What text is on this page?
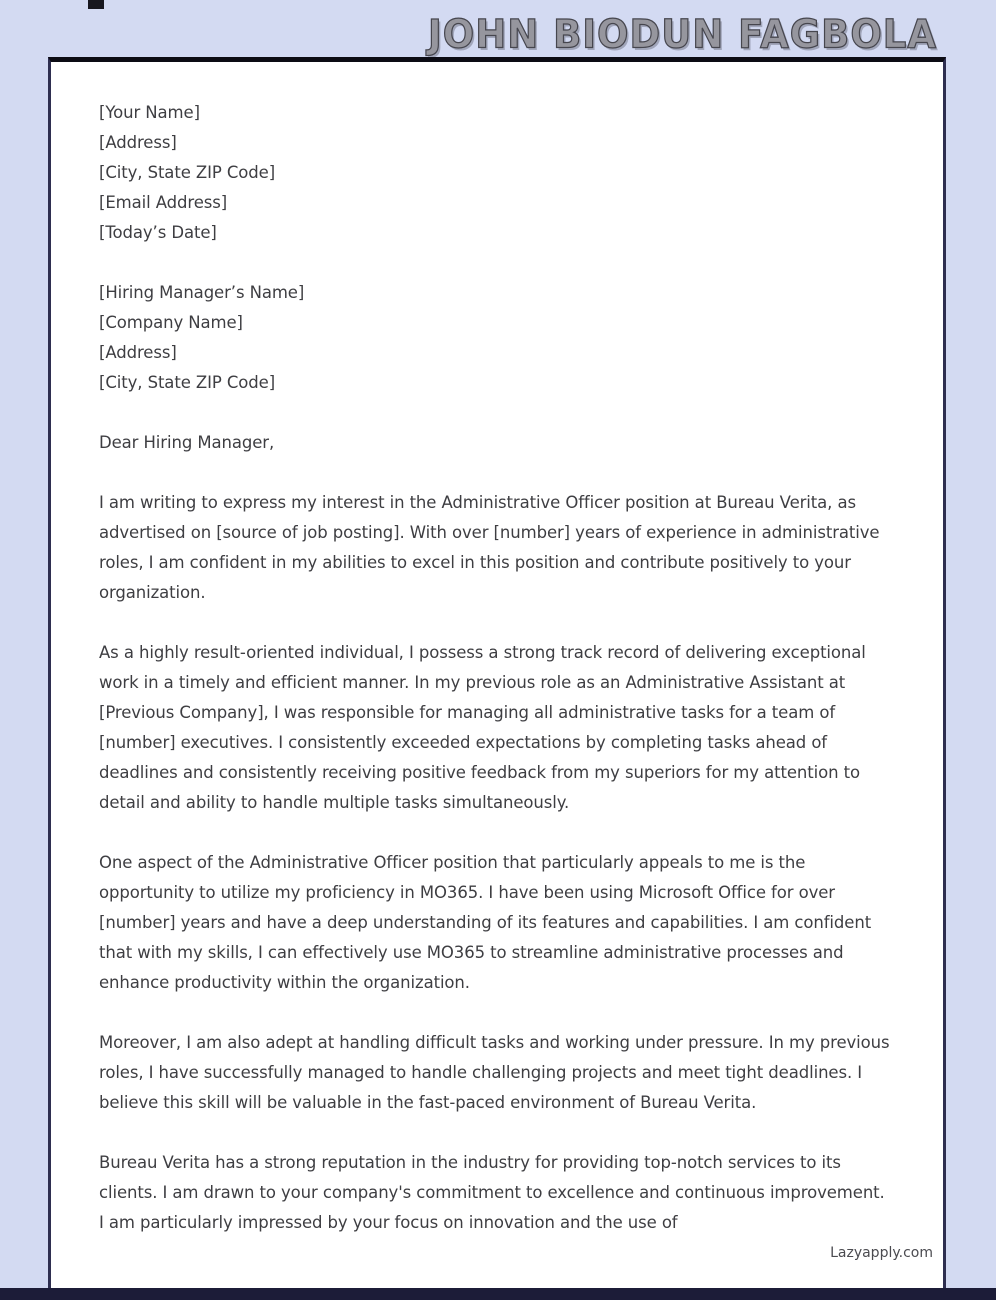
JOHN BIODUN FAGBOLA
[Your Name]
[Address]
[City, State ZIP Code]
[Email Address]
[Today’s Date]
[Hiring Manager’s Name]
[Company Name]
[Address]
[City, State ZIP Code]

Dear Hiring Manager,

I am writing to express my interest in the Administrative Officer position at Bureau Verita, as advertised on [source of job posting]. With over [number] years of experience in administrative roles, I am confident in my abilities to excel in this position and contribute positively to your organization.

As a highly result-oriented individual, I possess a strong track record of delivering exceptional work in a timely and efficient manner. In my previous role as an Administrative Assistant at [Previous Company], I was responsible for managing all administrative tasks for a team of [number] executives. I consistently exceeded expectations by completing tasks ahead of deadlines and consistently receiving positive feedback from my superiors for my attention to detail and ability to handle multiple tasks simultaneously.

One aspect of the Administrative Officer position that particularly appeals to me is the opportunity to utilize my proficiency in MO365. I have been using Microsoft Office for over [number] years and have a deep understanding of its features and capabilities. I am confident that with my skills, I can effectively use MO365 to streamline administrative processes and enhance productivity within the organization.

Moreover, I am also adept at handling difficult tasks and working under pressure. In my previous roles, I have successfully managed to handle challenging projects and meet tight deadlines. I believe this skill will be valuable in the fast-paced environment of Bureau Verita.

Bureau Verita has a strong reputation in the industry for providing top-notch services to its clients. I am drawn to your company's commitment to excellence and continuous improvement. I am particularly impressed by your focus on innovation and the use of

Lazyapply.com
